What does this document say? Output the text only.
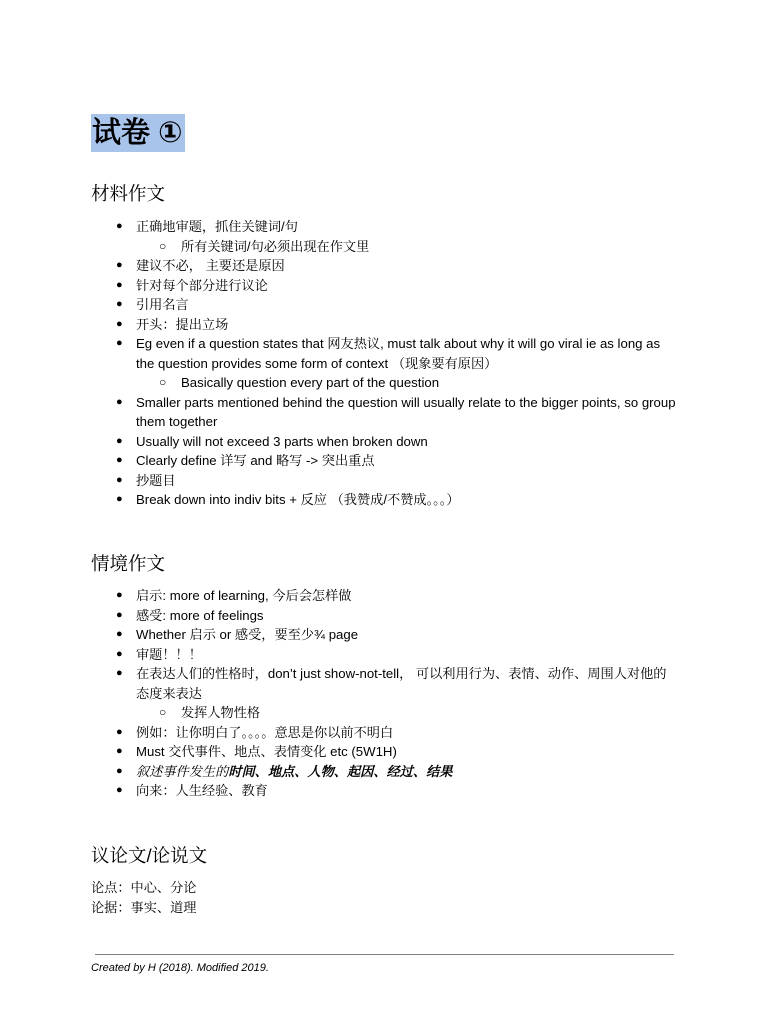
试卷 ①
材料作文
● 正确地审题，抓住关键词/句
○ 所有关键词/句必须出现在作文里
● 建议不必， 主要还是原因
● 针对每个部分进行议论
● 引用名言
● 开头：提出立场
● Eg even if a question states that 网友热议, must talk about why it will go viral ie as long as the question provides some form of context （现象要有原因）
○ Basically question every part of the question
● Smaller parts mentioned behind the question will usually relate to the bigger points, so group them together
● Usually will not exceed 3 parts when broken down
● Clearly define 详写 and 略写 -> 突出重点
● 抄题目
● Break down into indiv bits + 反应 （我赞成/不赞成。。。）
情境作文
● 启示: more of learning, 今后会怎样做
● 感受: more of feelings
● Whether 启示 or 感受，要至少¾ page
● 审题！！！
● 在表达人们的性格时，don’t just show-not-tell， 可以利用行为、表情、动作、周围人对他的态度来表达
○ 发挥人物性格
● 例如：让你明白了。。。。意思是你以前不明白
● Must 交代事件、地点、表情变化 etc (5W1H)
● 叙述事件发生的时间、地点、人物、起因、经过、结果
● 向来：人生经验、教育
议论文/论说文

论点：中心、分论

论据：事实、道理

Created by H (2018). Modified 2019.
